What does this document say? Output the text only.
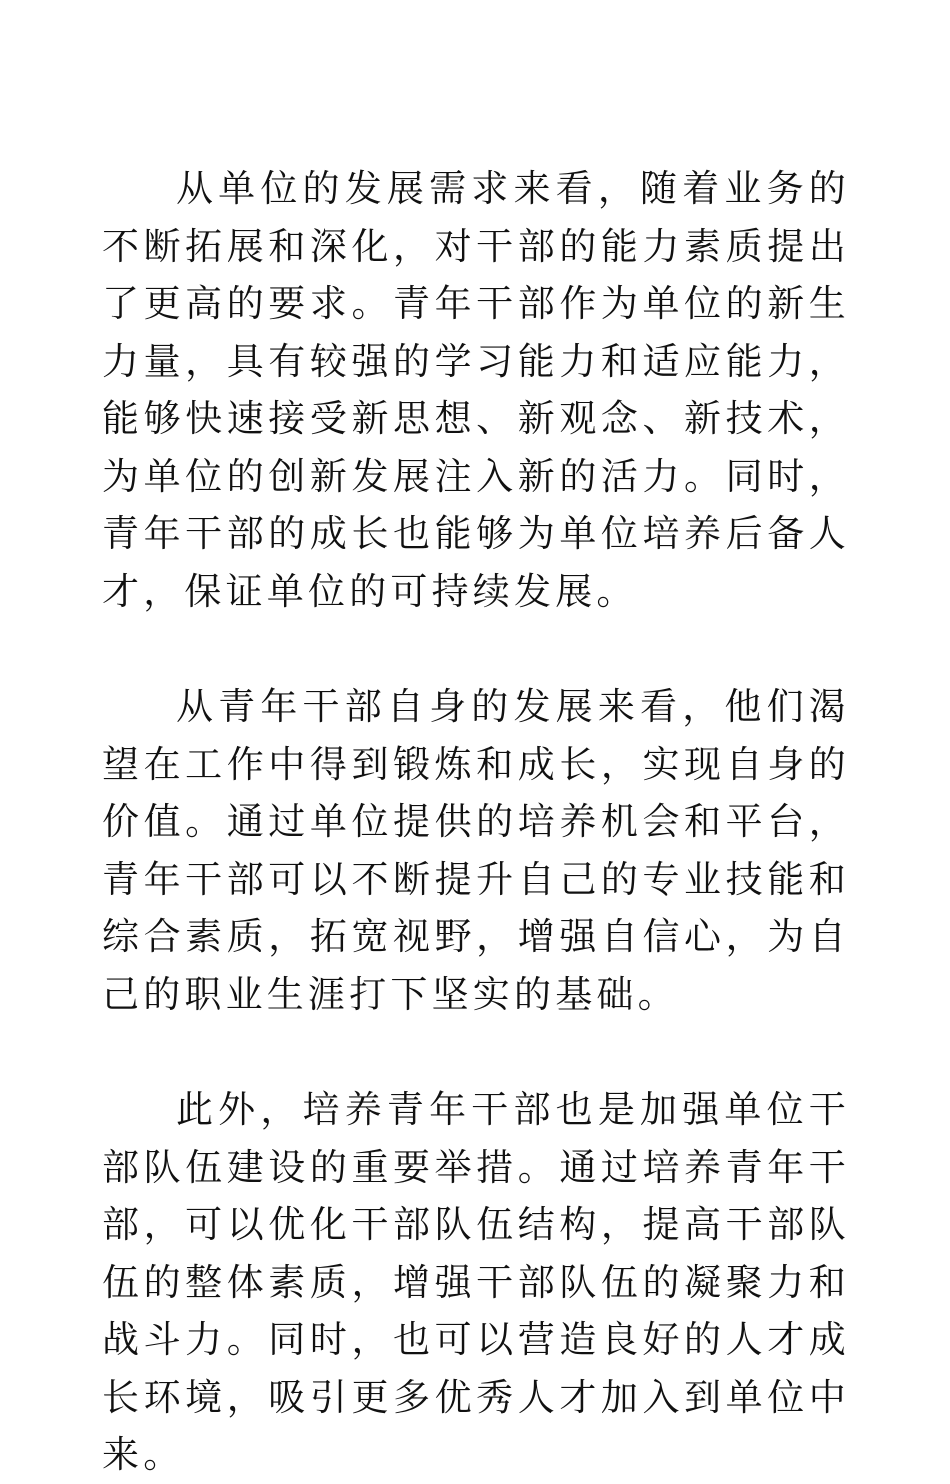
从单位的发展需求来看，随着业务的不断拓展和深化，对干部的能力素质提出了更高的要求。青年干部作为单位的新生力量，具有较强的学习能力和适应能力，能够快速接受新思想、新观念、新技术，为单位的创新发展注入新的活力。同时，青年干部的成长也能够为单位培养后备人才，保证单位的可持续发展。

从青年干部自身的发展来看，他们渴望在工作中得到锻炼和成长，实现自身的价值。通过单位提供的培养机会和平台，青年干部可以不断提升自己的专业技能和综合素质，拓宽视野，增强自信心，为自己的职业生涯打下坚实的基础。

此外，培养青年干部也是加强单位干部队伍建设的重要举措。通过培养青年干部，可以优化干部队伍结构，提高干部队伍的整体素质，增强干部队伍的凝聚力和战斗力。同时，也可以营造良好的人才成长环境，吸引更多优秀人才加入到单位中来。
